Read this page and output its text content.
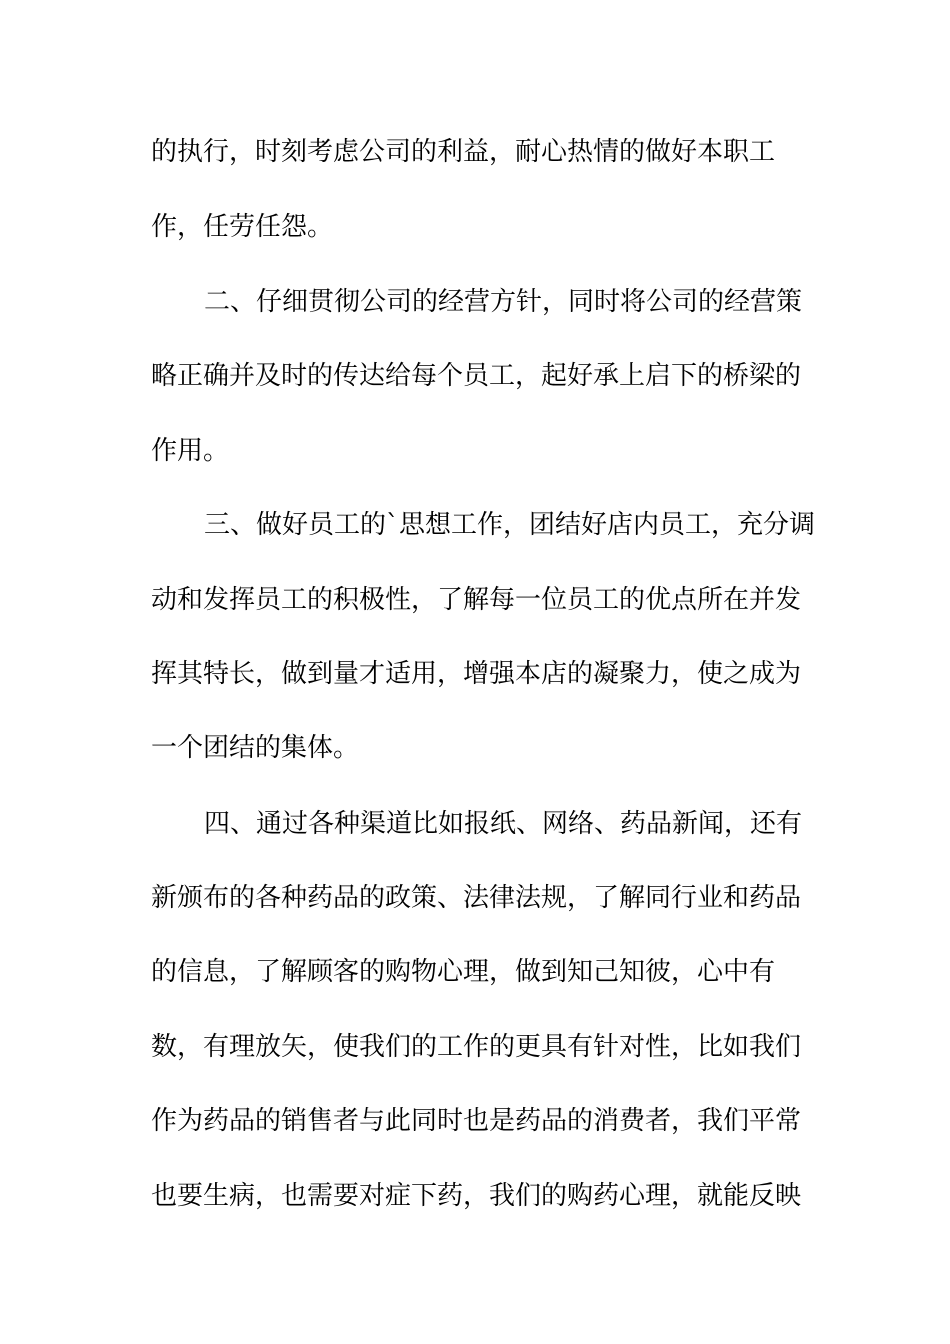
的执行，时刻考虑公司的利益，耐心热情的做好本职工
作，任劳任怨。
二、仔细贯彻公司的经营方针，同时将公司的经营策
略正确并及时的传达给每个员工，起好承上启下的桥梁的
作用。
三、做好员工的`思想工作，团结好店内员工，充分调
动和发挥员工的积极性，了解每一位员工的优点所在并发
挥其特长，做到量才适用，增强本店的凝聚力，使之成为
一个团结的集体。
四、通过各种渠道比如报纸、网络、药品新闻，还有
新颁布的各种药品的政策、法律法规，了解同行业和药品
的信息，了解顾客的购物心理，做到知己知彼，心中有
数，有理放矢，使我们的工作的更具有针对性，比如我们
作为药品的销售者与此同时也是药品的消费者，我们平常
也要生病，也需要对症下药，我们的购药心理，就能反映
